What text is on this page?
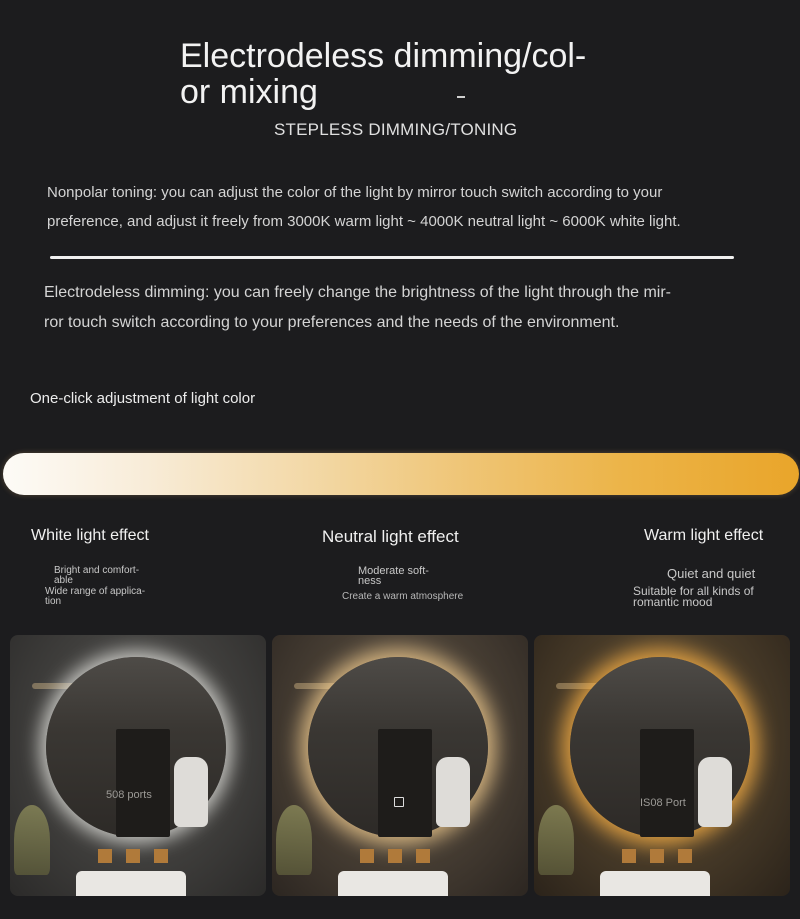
Electrodeless dimming/col-
or mixing
STEPLESS DIMMING/TONING
Nonpolar toning: you can adjust the color of the light by mirror touch switch according to your
preference, and adjust it freely from 3000K warm light ~ 4000K neutral light ~ 6000K white light.
Electrodeless dimming: you can freely change the brightness of the light through the mir-
ror touch switch according to your preferences and the needs of the environment.
One-click adjustment of light color
White light effect	Neutral light effect	Warm light effect
Bright and comfort-
able
Wide range of applica-
tion
Moderate soft-
ness
Create a warm atmosphere
Quiet and quiet
Suitable for all kinds of
romantic mood
508 ports
IS08 Port
